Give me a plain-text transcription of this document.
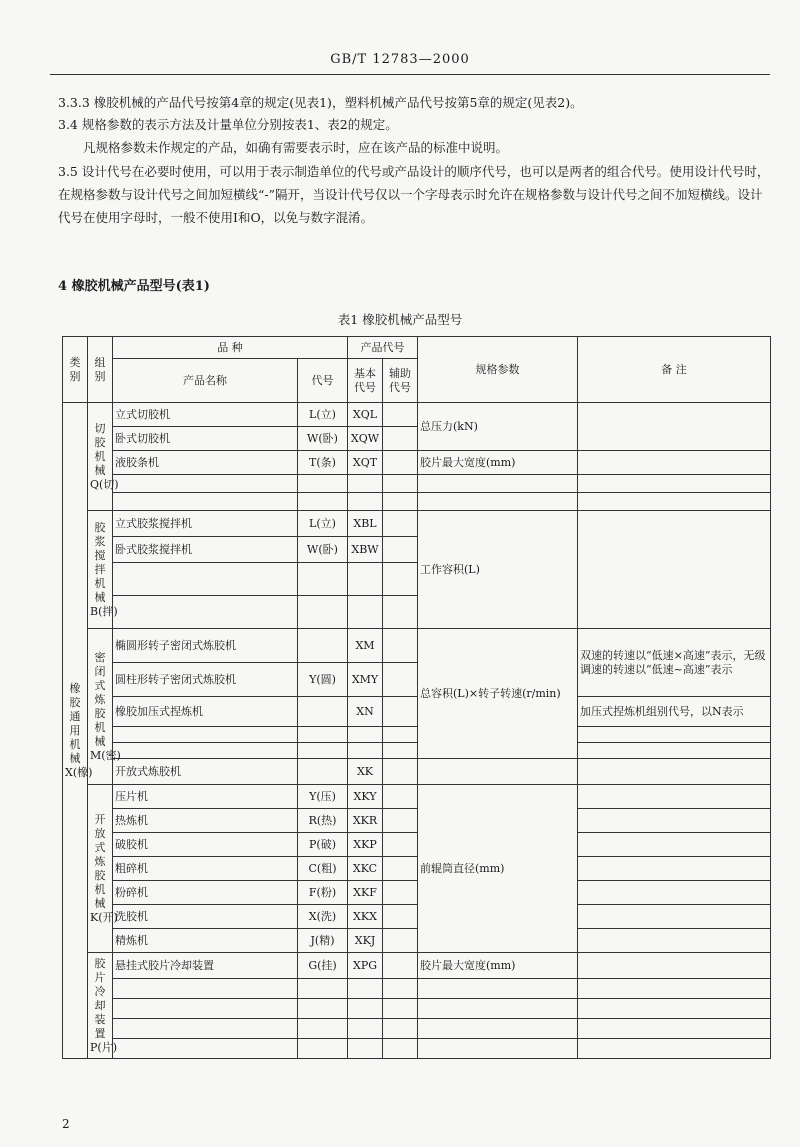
GB/T 12783—2000
3.3.3 橡胶机械的产品代号按第4章的规定(见表1)，塑料机械产品代号按第5章的规定(见表2)。
3.4 规格参数的表示方法及计量单位分别按表1、表2的规定。
凡规格参数未作规定的产品，如确有需要表示时，应在该产品的标准中说明。
3.5 设计代号在必要时使用，可以用于表示制造单位的代号或产品设计的顺序代号，也可以是两者的组合代号。使用设计代号时，在规格参数与设计代号之间加短横线“-”隔开，当设计代号仅以一个字母表示时允许在规格参数与设计代号之间不加短横线。设计代号在使用字母时，一般不使用I和O，以免与数字混淆。
4 橡胶机械产品型号(表1)
表1 橡胶机械产品型号
类别	组别	品 种		产品代号		规格参数	备 注
		产品名称	代号	基本代号	辅助代号		
橡胶通用机械X(橡)	切胶机械Q(切)	立式切胶机	L(立)	XQL		总压力(kN)	
		卧式切胶机	W(卧)	XQW			
		液胶条机	T(条)	XQT		胶片最大宽度(mm)	

	胶浆搅拌机械B(拌)	立式胶浆搅拌机	L(立)	XBL		工作容积(L)	
		卧式胶浆搅拌机	W(卧)	XBW			

	密闭式炼胶机械M(密)	椭圆形转子密闭式炼胶机		XM		总容积(L)×转子转速(r/min)	双速的转速以“低速×高速”表示，无级调速的转速以“低速~高速”表示
		圆柱形转子密闭式炼胶机	Y(圆)	XMY			
		橡胶加压式捏炼机		XN			加压式捏炼机组别代号，以N表示

		开放式炼胶机		XK			
	开放式炼胶机械K(开)	压片机	Y(压)	XKY		前辊筒直径(mm)	
		热炼机	R(热)	XKR			
		破胶机	P(破)	XKP			
		粗碎机	C(粗)	XKC			
		粉碎机	F(粉)	XKF			
		洗胶机	X(洗)	XKX			
		精炼机	J(精)	XKJ			
	胶片冷却装置P(片)	悬挂式胶片冷却装置	G(挂)	XPG		胶片最大宽度(mm)	

2
